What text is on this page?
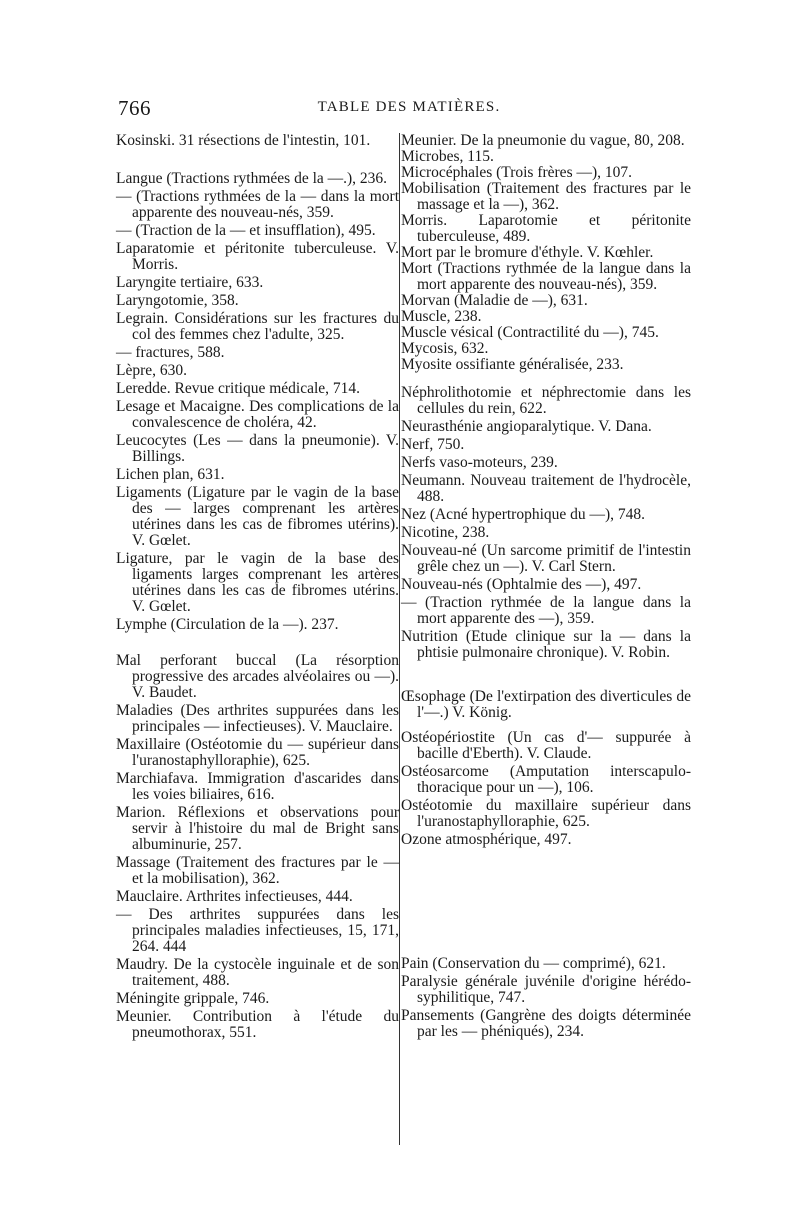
766	TABLE DES MATIÈRES.

Kosinski. 31 résections de l'intestin, 101.

Langue (Tractions rythmées de la —.), 236.

— (Tractions rythmées de la — dans la mort apparente des nouveau-nés, 359.

— (Traction de la — et insufflation), 495.

Laparatomie et péritonite tuberculeuse. V. Morris.

Laryngite tertiaire, 633.

Laryngotomie, 358.

Legrain. Considérations sur les fractures du col des femmes chez l'adulte, 325.

— fractures, 588.

Lèpre, 630.

Leredde. Revue critique médicale, 714.

Lesage et Macaigne. Des complications de la convalescence de choléra, 42.

Leucocytes (Les — dans la pneumonie). V. Billings.

Lichen plan, 631.

Ligaments (Ligature par le vagin de la base des — larges comprenant les artères utérines dans les cas de fibromes utérins). V. Gœlet.

Ligature, par le vagin de la base des ligaments larges comprenant les artères utérines dans les cas de fibromes utérins. V. Gœlet.

Lymphe (Circulation de la —). 237.

Mal perforant buccal (La résorption progressive des arcades alvéolaires ou —). V. Baudet.

Maladies (Des arthrites suppurées dans les principales — infectieuses). V. Mauclaire.

Maxillaire (Ostéotomie du — supérieur dans l'uranostaphylloraphie), 625.

Marchiafava. Immigration d'ascarides dans les voies biliaires, 616.

Marion. Réflexions et observations pour servir à l'histoire du mal de Bright sans albuminurie, 257.

Massage (Traitement des fractures par le — et la mobilisation), 362.

Mauclaire. Arthrites infectieuses, 444.

— Des arthrites suppurées dans les principales maladies infectieuses, 15, 171, 264. 444

Maudry. De la cystocèle inguinale et de son traitement, 488.

Méningite grippale, 746.

Meunier. Contribution à l'étude du pneumothorax, 551.

Meunier. De la pneumonie du vague, 80, 208.

Microbes, 115.

Microcéphales (Trois frères —), 107.

Mobilisation (Traitement des fractures par le massage et la —), 362.

Morris. Laparotomie et péritonite tuberculeuse, 489.

Mort par le bromure d'éthyle. V. Kœhler.

Mort (Tractions rythmée de la langue dans la mort apparente des nouveau-nés), 359.

Morvan (Maladie de —), 631.

Muscle, 238.

Muscle vésical (Contractilité du —), 745.

Mycosis, 632.

Myosite ossifiante généralisée, 233.

Néphrolithotomie et néphrectomie dans les cellules du rein, 622.

Neurasthénie angioparalytique. V. Dana.

Nerf, 750.

Nerfs vaso-moteurs, 239.

Neumann. Nouveau traitement de l'hydrocèle, 488.

Nez (Acné hypertrophique du —), 748.

Nicotine, 238.

Nouveau-né (Un sarcome primitif de l'intestin grêle chez un —). V. Carl Stern.

Nouveau-nés (Ophtalmie des —), 497.

— (Traction rythmée de la langue dans la mort apparente des —), 359.

Nutrition (Etude clinique sur la — dans la phtisie pulmonaire chronique). V. Robin.

Œsophage (De l'extirpation des diverticules de l'—.) V. König.

Ostéopériostite (Un cas d'— suppurée à bacille d'Eberth). V. Claude.

Ostéosarcome (Amputation interscapulo-thoracique pour un —), 106.

Ostéotomie du maxillaire supérieur dans l'uranostaphylloraphie, 625.

Ozone atmosphérique, 497.

Pain (Conservation du — comprimé), 621.

Paralysie générale juvénile d'origine hérédo-syphilitique, 747.

Pansements (Gangrène des doigts déterminée par les — phéniqués), 234.
